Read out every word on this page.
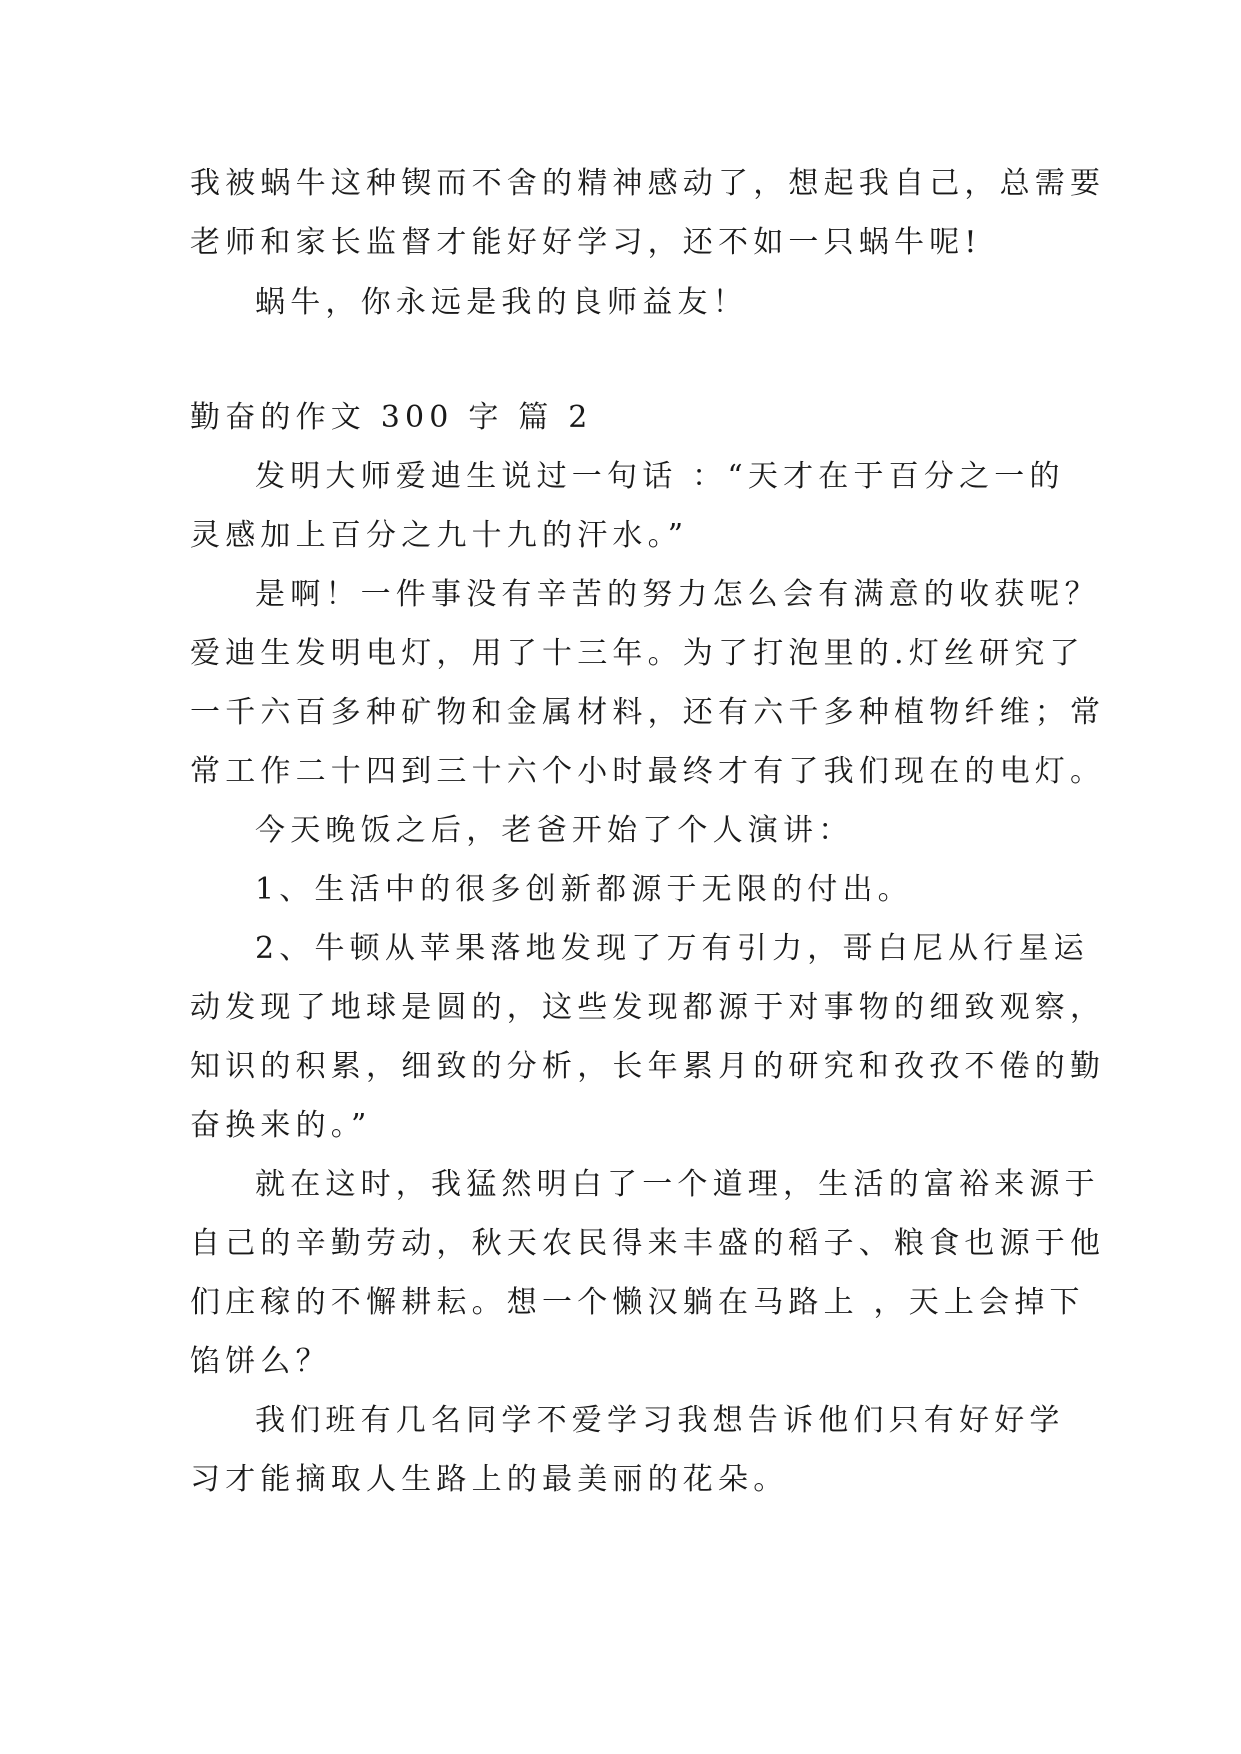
我被蜗牛这种锲而不舍的精神感动了，想起我自己，总需要
老师和家长监督才能好好学习，还不如一只蜗牛呢!
蜗牛，你永远是我的良师益友！
勤奋的作文 300 字 篇 2
发明大师爱迪生说过一句话 ：“天才在于百分之一的
灵感加上百分之九十九的汗水。”
是啊！一件事没有辛苦的努力怎么会有满意的收获呢？
爱迪生发明电灯，用了十三年。为了打泡里的.灯丝研究了
一千六百多种矿物和金属材料，还有六千多种植物纤维；常
常工作二十四到三十六个小时最终才有了我们现在的电灯。
今天晚饭之后，老爸开始了个人演讲：
1、生活中的很多创新都源于无限的付出。
2、牛顿从苹果落地发现了万有引力，哥白尼从行星运
动发现了地球是圆的，这些发现都源于对事物的细致观察，
知识的积累，细致的分析，长年累月的研究和孜孜不倦的勤
奋换来的。”
就在这时，我猛然明白了一个道理，生活的富裕来源于
自己的辛勤劳动，秋天农民得来丰盛的稻子、粮食也源于他
们庄稼的不懈耕耘。想一个懒汉躺在马路上 ，天上会掉下
馅饼么？
我们班有几名同学不爱学习我想告诉他们只有好好学
习才能摘取人生路上的最美丽的花朵。
